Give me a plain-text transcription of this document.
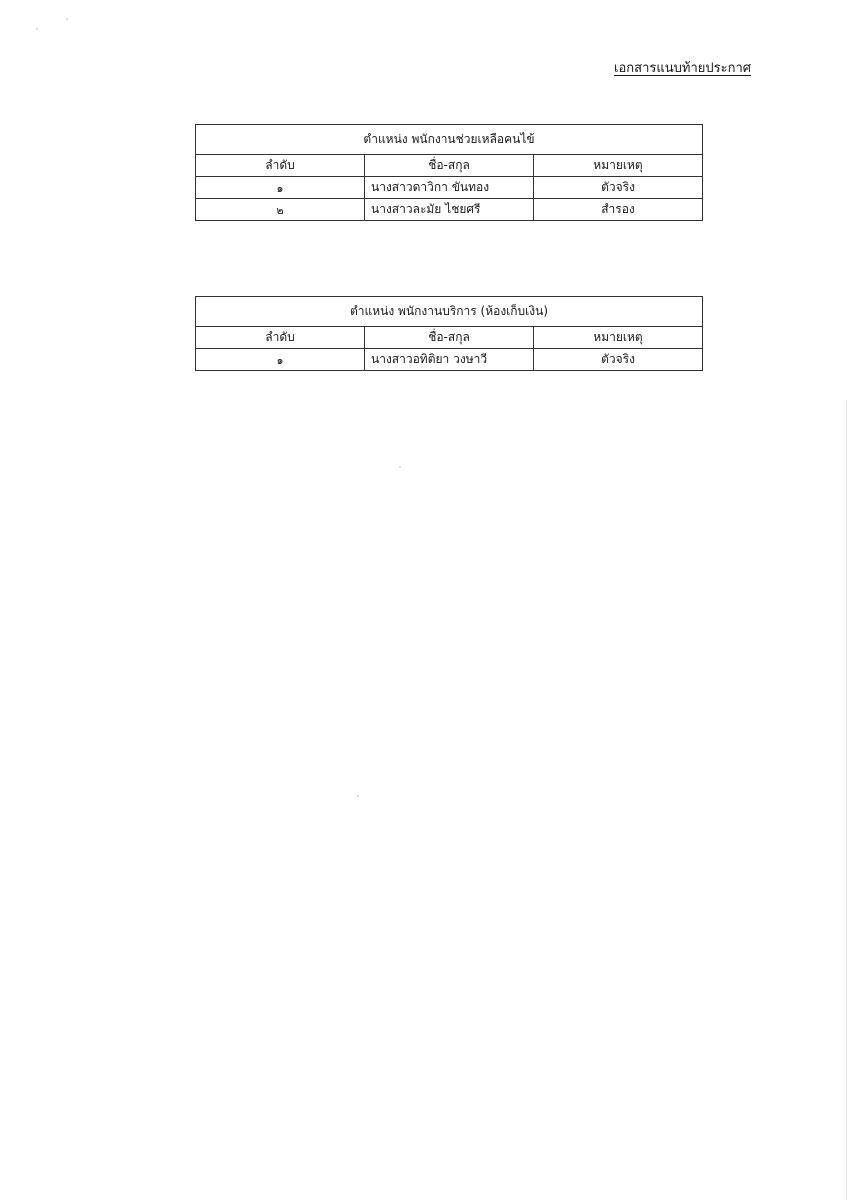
เอกสารแนบท้ายประกาศ
ตำแหน่ง พนักงานช่วยเหลือคนไข้		
ลำดับ	ชื่อ-สกุล	หมายเหตุ
๑	นางสาวดาวิกา ขันทอง	ตัวจริง
๒	นางสาวละมัย ไชยศรี	สำรอง
ตำแหน่ง พนักงานบริการ (ห้องเก็บเงิน)		
ลำดับ	ชื่อ-สกุล	หมายเหตุ
๑	นางสาวอทิติยา วงษาวี	ตัวจริง
